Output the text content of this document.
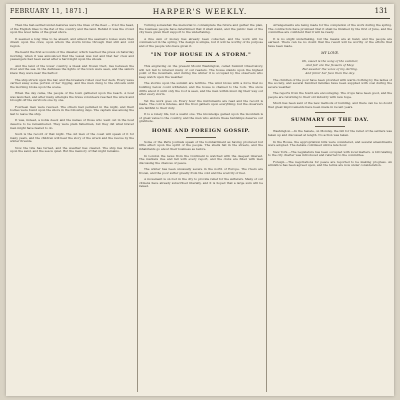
FEBRUARY 11, 1871.]	HARPER'S WEEKLY.	131

Then the fast-settled under-features were the lines of the fleet — if not the head, of the English lines to the flat of the country and the land. Behind it was the crowd upon the level table of the great shore.

It seemed a long time to be absent, and almost the seamen's bones were then drawn upon the crew, upon whom the storm broke through that still and cold region.

We heard the first accounts of the disaster, which reached the press on Saturday morning, when it was announced that the vessel was lost and that her crew and passengers had been saved after a hard night upon the shoals.

And the land of the lower country, a bleak and frozen tract, lies between the river and the sea. In the darkness the lights of the town were seen, and the sailors knew they were near the harbor.

The ship struck upon the bar, and the breakers rolled over her deck. Every wave carried away some portion of her rigging, and the men clung to the shrouds until the morning broke upon the scene.

When the day came, the people of the town gathered upon the beach. A boat was launched, and after many attempts the brave volunteers reached the wreck and brought off the survivors one by one.

Fourteen men were rescued. The others had perished in the night, and their bodies were found upon the shore in the following days. The captain was among the last to leave the ship.

It was, indeed, a noble deed; and the names of those who went out in the boat deserve to be remembered. They were plain fishermen, but they did what braver men might have feared to do.

Such is the record of that night. The old men of the coast will speak of it for many years, and the children will hear the story of the wreck and the rescue by the winter fireside.

Now the tide has turned, and the weather has cleared. The ship lies broken upon the sand, and the sea is quiet. But the memory of that night remains.

Turning somewhat the memorial to contemplate the future and gather the plan, the business people have determined that it shall stand, and the public men of the city have given their support to the undertaking.

A fine sum of money has already been collected, and the work will be commenced in the spring. The design is simple, but it will be worthy of its purpose and of the people who have given it.

"IN TOP HOUSE IN A STORM."

This engraving on the present Mount Washington, called Summit Observatory, will not fail to interest many of our readers. The house stands upon the highest point of the mountain, and during the winter it is occupied by the observers who keep watch upon the weather.

The storms upon the summit are terrible. The wind blows with a force that no building below could withstand, and the house is chained to the rock. The snow drifts about it until only the roof is seen, and the men within must dig their way out after every storm.

Yet the work goes on. Every hour the instruments are read and the record is made. The cold is intense, and the frost gathers upon everything; but the observers are faithful to their duty.

It is a lonely life, but a useful one. The knowledge gained upon the mountain is of great value to the country, and the men who endure these hardships deserve our gratitude.

HOME AND FOREIGN GOSSIP.

Some of the Paris journals speak of the bombardment as having produced but little effect upon the spirit of the people. The shells fall in the streets, and the inhabitants go about their business as before.

In London the news from the Continent is watched with the deepest interest. The markets rise and fall with every report, and the clubs are filled with men discussing the chances of peace.

The winter has been unusually severe in the north of Europe. The rivers are frozen, and the poor suffer greatly from the cold and the scarcity of fuel.

A movement is on foot in the city to provide relief for the sufferers. Many of our citizens have already subscribed liberally, and it is hoped that a large sum will be raised.

Arrangements are being made for the completion of the work during the spring. The contractors have promised that it shall be finished by the first of June, and the committee are confident that it will be ready.

It is no slight undertaking, but the means are at hand, and the people are earnest. There can be no doubt that the result will be worthy of the efforts that have been made.

MY LOVE.
Oh, sweet is the song of the summer,
And fair are the flowers of May;
But sweeter the voice of my darling,
And fairer her face than the day.

The children of the poor have been provided with warm clothing by the ladies of the society, and several hundred families have been supplied with coal during the severe weather.

The reports from the South are encouraging. The crops have been good, and the people are returning to their old industry with new hope.

Much has been said of the new methods of building, and there can be no doubt that great improvements have been made in recent years.

SUMMARY OF THE DAY.

Washington.—In the Senate, on Monday, the bill for the relief of the settlers was taken up and discussed at length. No action was taken.

In the House, the appropriation bills were considered, and several amendments were adopted. The debate continued until a late hour.

New York.—The Legislature has been occupied with local matters. A bill relating to the city charter was introduced and referred to the committee.

Foreign.—The negotiations for peace are reported to be making progress. An armistice has been agreed upon, and the terms are now under consideration.
